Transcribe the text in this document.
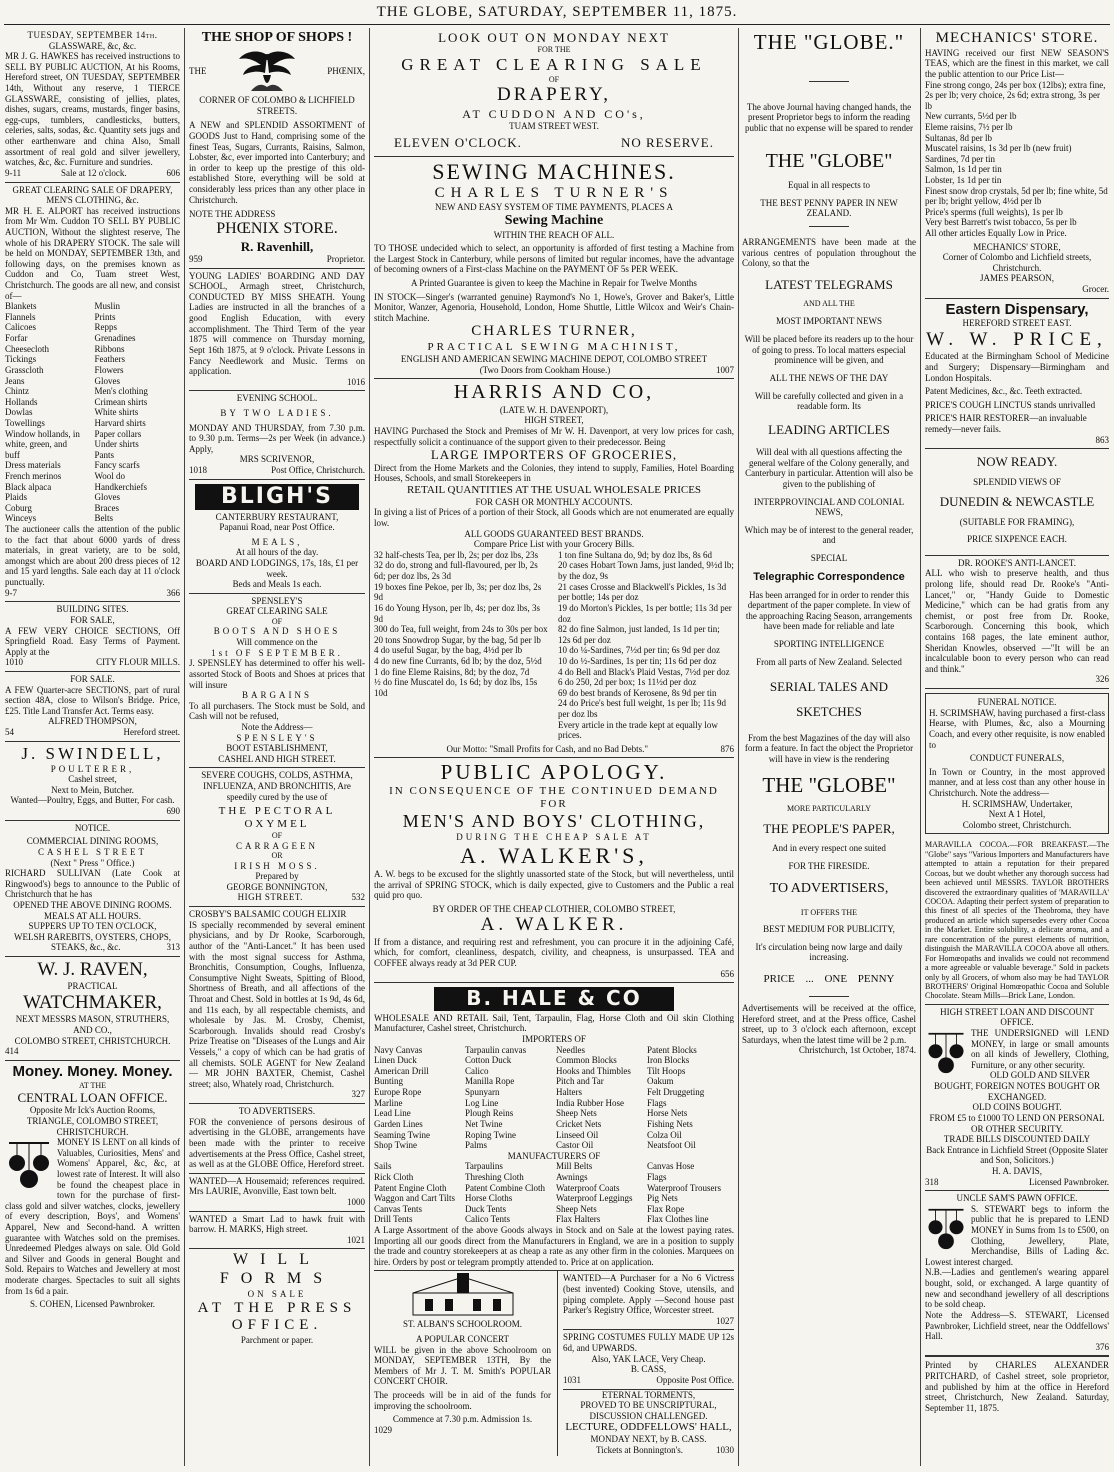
THE GLOBE, SATURDAY, SEPTEMBER 11, 1875.
TUESDAY, SEPTEMBER 14th.
GLASSWARE, &c, &c.
MR J. G. HAWKES has received instructions to SELL BY PUBLIC AUCTION, At his Rooms, Hereford street, ON TUESDAY, SEPTEMBER 14th, Without any reserve, 1 TIERCE GLASSWARE, consisting of jellies, plates, dishes, sugars, creams, mustards, finger basins, egg-cups, tumblers, candlesticks, butters, celeries, salts, sodas, &c. Quantity sets jugs and other earthenware and china Also, Small assortment of real gold and silver jewellery, watches, &c, &c. Furniture and sundries.
9-11	Sale at 12 o'clock.	606
GREAT CLEARING SALE OF DRAPERY, MEN'S CLOTHING, &c.
MR H. E. ALPORT has received instructions from Mr Wm. Cuddon TO SELL BY PUBLIC AUCTION, Without the slightest reserve, The whole of his DRAPERY STOCK. The sale will be held on MONDAY, SEPTEMBER 13th, and following days, on the premises known as Cuddon and Co, Tuam street West, Christchurch. The goods are all new, and consist of—
Blankets	Muslin
Flannels	Prints
Calicoes	Repps
Forfar	Grenadines
Cheesecloth	Ribbons
Tickings	Feathers
Grasscloth	Flowers
Jeans	Gloves
Chintz	Men's clothing
Hollands	Crimean shirts
Dowlas	White shirts
Towellings	Harvard shirts
Window hollands, in	Paper collars
white, green, and	Under shirts
buff	Pants
Dress materials	Fancy scarfs
French merinos	Wool do
Black alpaca	Handkerchiefs
Plaids	Gloves
Coburg	Braces
Winceys	Belts
The auctioneer calls the attention of the public to the fact that about 6000 yards of dress materials, in great variety, are to be sold, amongst which are about 200 dress pieces of 12 and 15 yard lengths. Sale each day at 11 o'clock punctually.
9-7	366
BUILDING SITES.
FOR SALE,
A FEW VERY CHOICE SECTIONS, Off Springfield Road. Easy Terms of Payment. Apply at the
1010	CITY FLOUR MILLS.
FOR SALE.
A FEW Quarter-acre SECTIONS, part of rural section 48A, close to Wilson's Bridge. Price, £25. Title Land Transfer Act. Terms easy.
ALFRED THOMPSON,
54	Hereford street.
J. SWINDELL,
POULTERER,
Cashel street,
Next to Mein, Butcher.
Wanted—Poultry, Eggs, and Butter, For cash.
690
NOTICE.
COMMERCIAL DINING ROOMS,
CASHEL STREET
(Next " Press " Office.)
RICHARD SULLIVAN (Late Cook at Ringwood's) begs to announce to the Public of Christchurch that he has
OPENED THE ABOVE DINING ROOMS.
MEALS AT ALL HOURS.
SUPPERS UP TO TEN O'CLOCK,
WELSH RAREBITS, OYSTERS, CHOPS,
STEAKS, &c., &c.	313
W. J. RAVEN,
PRACTICAL
WATCHMAKER,
NEXT MESSRS MASON, STRUTHERS,
AND CO.,
COLOMBO STREET, CHRISTCHURCH.
414
Money. Money. Money.
AT THE
CENTRAL LOAN OFFICE.
Opposite Mr Ick's Auction Rooms,
TRIANGLE, COLOMBO STREET,
CHRISTCHURCH.
MONEY IS LENT on all kinds of Valuables, Curiosities, Mens' and Womens' Apparel, &c, &c, at lowest rate of Interest. It will also be found the cheapest place in town for the purchase of first-class gold and silver watches, clocks, jewellery of every description, Boys', and Womens' Apparel, New and Second-hand. A written guarantee with Watches sold on the premises. Unredeemed Pledges always on sale. Old Gold and Silver and Goods in general Bought and Sold. Repairs to Watches and Jewellery at most moderate charges. Spectacles to suit all sights from 1s 6d a pair.
S. COHEN, Licensed Pawnbroker.
THE SHOP OF SHOPS !
THE	PHŒNIX,
CORNER OF COLOMBO & LICHFIELD STREETS.
A NEW and SPLENDID ASSORTMENT of GOODS Just to Hand, comprising some of the finest Teas, Sugars, Currants, Raisins, Salmon, Lobster, &c, ever imported into Canterbury; and in order to keep up the prestige of this old-established Store, everything will be sold at considerably less prices than any other place in Christchurch.
NOTE THE ADDRESS
PHŒNIX STORE.
R. Ravenhill,
959	Proprietor.
YOUNG LADIES' BOARDING AND DAY SCHOOL, Armagh street, Christchurch, CONDUCTED BY MISS SHEATH. Young Ladies are instructed in all the branches of a good English Education, with every accomplishment. The Third Term of the year 1875 will commence on Thursday morning, Sept 16th 1875, at 9 o'clock. Private Lessons in Fancy Needlework and Music. Terms on application.
1016
EVENING SCHOOL.
BY TWO LADIES.
MONDAY AND THURSDAY, from 7.30 p.m. to 9.30 p.m. Terms—2s per Week (in advance.) Apply,
MRS SCRIVENOR,
1018	Post Office, Christchurch.
BLIGH'S
CANTERBURY RESTAURANT,
Papanui Road, near Post Office.
MEALS,
At all hours of the day.
BOARD AND LODGINGS, 17s, 18s, £1 per week.
Beds and Meals 1s each.
SPENSLEY'S
GREAT CLEARING SALE
OF
BOOTS AND SHOES
Will commence on the
1st OF SEPTEMBER.
J. SPENSLEY has determined to offer his well-assorted Stock of Boots and Shoes at prices that will insure
BARGAINS
To all purchasers. The Stock must be Sold, and Cash will not be refused,
Note the Address—
SPENSLEY'S
BOOT ESTABLISHMENT,
CASHEL AND HIGH STREET.
SEVERE COUGHS, COLDS, ASTHMA, INFLUENZA, AND BRONCHITIS, Are speedily cured by the use of
THE PECTORAL OXYMEL
OF
CARRAGEEN
OR
IRISH MOSS.
Prepared by
GEORGE BONNINGTON,
HIGH STREET.	532
CROSBY'S BALSAMIC COUGH ELIXIR
IS specially recommended by several eminent physicians, and by Dr Rooke, Scarborough, author of the "Anti-Lancet." It has been used with the most signal success for Asthma, Bronchitis, Consumption, Coughs, Influenza, Consumptive Night Sweats, Spitting of Blood, Shortness of Breath, and all affections of the Throat and Chest. Sold in bottles at 1s 9d, 4s 6d, and 11s each, by all respectable chemists, and wholesale by Jas. M. Crosby, Chemist, Scarborough. Invalids should read Crosby's Prize Treatise on "Diseases of the Lungs and Air Vessels," a copy of which can be had gratis of all chemists. SOLE AGENT for New Zealand — MR JOHN BAXTER, Chemist, Cashel street; also, Whately road, Christchurch.
327
TO ADVERTISERS.
FOR the convenience of persons desirous of advertising in the GLOBE, arrangements have been made with the printer to receive advertisements at the Press Office, Cashel street, as well as at the GLOBE Office, Hereford street.
WANTED—A Housemaid; references required. Mrs LAURIE, Avonville, East town belt.
1000
WANTED a Smart Lad to hawk fruit with barrow. H. MARKS, High street.
1021
WILL FORMS
ON SALE
AT THE PRESS OFFICE.
Parchment or paper.
LOOK OUT ON MONDAY NEXT
FOR THE
GREAT CLEARING SALE
OF
DRAPERY,
AT CUDDON AND CO's,
TUAM STREET WEST.
ELEVEN O'CLOCK.	NO RESERVE.
SEWING MACHINES.
CHARLES TURNER'S
NEW AND EASY SYSTEM OF TIME PAYMENTS, PLACES A
Sewing Machine
WITHIN THE REACH OF ALL.
TO THOSE undecided which to select, an opportunity is afforded of first testing a Machine from the Largest Stock in Canterbury, while persons of limited but regular incomes, have the advantage of becoming owners of a First-class Machine on the PAYMENT OF 5s PER WEEK.
A Printed Guarantee is given to keep the Machine in Repair for Twelve Months
IN STOCK—Singer's (warranted genuine) Raymond's No 1, Howe's, Grover and Baker's, Little Monitor, Wanzer, Agenoria, Household, London, Home Shuttle, Little Wilcox and Weir's Chain-stitch Machine.
CHARLES TURNER,
PRACTICAL SEWING MACHINIST,
ENGLISH AND AMERICAN SEWING MACHINE DEPOT, COLOMBO STREET
(Two Doors from Cookham House.)	1007
HARRIS AND CO,
(LATE W. H. DAVENPORT),
HIGH STREET,
HAVING Purchased the Stock and Premises of Mr W. H. Davenport, at very low prices for cash, respectfully solicit a continuance of the support given to their predecessor. Being
LARGE IMPORTERS OF GROCERIES,
Direct from the Home Markets and the Colonies, they intend to supply, Families, Hotel Boarding Houses, Schools, and small Storekeepers in
RETAIL QUANTITIES AT THE USUAL WHOLESALE PRICES
FOR CASH OR MONTHLY ACCOUNTS.
In giving a list of Prices of a portion of their Stock, all Goods which are not enumerated are equally low.
ALL GOODS GUARANTEED BEST BRANDS.
Compare Price List with your Grocery Bills.
32 half-chests Tea, per lb, 2s; per doz lbs, 23s
32 do do, strong and full-flavoured, per lb, 2s 6d; per doz lbs, 2s 3d
19 boxes fine Pekoe, per lb, 3s; per doz lbs, 2s 9d
16 do Young Hyson, per lb, 4s; per doz lbs, 3s 9d
300 do Tea, full weight, from 24s to 30s per box
20 tons Snowdrop Sugar, by the bag, 5d per lb
4 do useful Sugar, by the bag, 4½d per lb
4 do new fine Currants, 6d lb; by the doz, 5½d
1 do fine Eleme Raisins, 8d; by the doz, 7d
½ do fine Muscatel do, 1s 6d; by doz lbs, 15s 10d
1 ton fine Sultana do, 9d; by doz lbs, 8s 6d
20 cases Hobart Town Jams, just landed, 9½d lb; by the doz, 9s
21 cases Crosse and Blackwell's Pickles, 1s 3d per bottle; 14s per doz
19 do Morton's Pickles, 1s per bottle; 11s 3d per doz
82 do fine Salmon, just landed, 1s 1d per tin; 12s 6d per doz
10 do ¼-Sardines, 7½d per tin; 6s 9d per doz
10 do ½-Sardines, 1s per tin; 11s 6d per doz
4 do Bell and Black's Plaid Vestas, 7½d per doz
6 do 250, 2d per box; 1s 11½d per doz
69 do best brands of Kerosene, 8s 9d per tin
24 do Price's best full weight, 1s per lb; 11s 9d per doz lbs
Every article in the trade kept at equally low prices.
Our Motto: "Small Profits for Cash, and no Bad Debts."	876
PUBLIC APOLOGY.
IN CONSEQUENCE OF THE CONTINUED DEMAND FOR
MEN'S AND BOYS' CLOTHING,
DURING THE CHEAP SALE AT
A. WALKER'S,
A. W. begs to be excused for the slightly unassorted state of the Stock, but will nevertheless, until the arrival of SPRING STOCK, which is daily expected, give to Customers and the Public a real quid pro quo.
BY ORDER OF THE CHEAP CLOTHIER, COLOMBO STREET,
A. WALKER.
If from a distance, and requiring rest and refreshment, you can procure it in the adjoining Café, which, for comfort, cleanliness, despatch, civility, and cheapness, is unsurpassed. TEA and COFFEE always ready at 3d PER CUP.
656
B. HALE & CO
WHOLESALE AND RETAIL Sail, Tent, Tarpaulin, Flag, Horse Cloth and Oil skin Clothing Manufacturer, Cashel street, Christchurch.
IMPORTERS OF
Navy Canvas	Tarpaulin canvas	Needles	Patent Blocks
Linen Duck	Cotton Duck	Common Blocks	Iron Blocks
American Drill	Calico	Hooks and Thimbles	Tilt Hoops
Bunting	Manilla Rope	Pitch and Tar	Oakum
Europe Rope	Spunyarn	Halters	Felt Druggeting
Marline	Log Line	India Rubber Hose	Flags
Lead Line	Plough Reins	Sheep Nets	Horse Nets
Garden Lines	Net Twine	Cricket Nets	Fishing Nets
Seaming Twine	Roping Twine	Linseed Oil	Colza Oil
Shop Twine	Palms	Castor Oil	Neatsfoot Oil
MANUFACTURERS OF
Sails	Tarpaulins	Mill Belts	Canvas Hose
Rick Cloth	Threshing Cloth	Awnings	Flags
Patent Engine Cloth	Patent Combine Cloth	Waterproof Coats	Waterproof Trousers
Waggon and Cart Tilts	Horse Cloths	Waterproof Leggings	Pig Nets
Canvas Tents	Duck Tents	Sheep Nets	Flax Rope
Drill Tents	Calico Tents	Flax Halters	Flax Clothes line
A Large Assortment of the above Goods always in Stock and on Sale at the lowest paying rates. Importing all our goods direct from the Manufacturers in England, we are in a position to supply the trade and country storekeepers at as cheap a rate as any other firm in the colonies. Marquees on hire. Orders by post or telegram promptly attended to. Price at on application.
ST. ALBAN'S SCHOOLROOM.
A POPULAR CONCERT
WILL be given in the above Schoolroom on MONDAY, SEPTEMBER 13TH, By the Members of Mr J. T. M. Smith's POPULAR CONCERT CHOIR.
The proceeds will be in aid of the funds for improving the schoolroom.
Commence at 7.30 p.m. Admission 1s.
1029
WANTED—A Purchaser for a No 6 Victress (best invented) Cooking Stove, utensils, and piping complete. Apply —Second house past Parker's Registry Office, Worcester street.
1027
SPRING COSTUMES FULLY MADE UP 12s 6d, and UPWARDS.
Also, YAK LACE, Very Cheap.
B. CASS,
1031	Opposite Post Office.
ETERNAL TORMENTS,
PROVED TO BE UNSCRIPTURAL,
DISCUSSION CHALLENGED.
LECTURE, ODDFELLOWS' HALL,
MONDAY NEXT, by B. CASS.
Tickets at Bonnington's.	1030
THE "GLOBE."
The above Journal having changed hands, the present Proprietor begs to inform the reading public that no expense will be spared to render
THE "GLOBE"
Equal in all respects to
THE BEST PENNY PAPER IN NEW ZEALAND.
ARRANGEMENTS have been made at the various centres of population throughout the Colony, so that the
LATEST TELEGRAMS
AND ALL THE
MOST IMPORTANT NEWS
Will be placed before its readers up to the hour of going to press. To local matters especial prominence will be given, and
ALL THE NEWS OF THE DAY
Will be carefully collected and given in a readable form. Its
LEADING ARTICLES
Will deal with all questions affecting the general welfare of the Colony generally, and Canterbury in particular. Attention will also be given to the publishing of
INTERPROVINCIAL AND COLONIAL NEWS,
Which may be of interest to the general reader, and
SPECIAL
Telegraphic Correspondence
Has been arranged for in order to render this department of the paper complete. In view of the approaching Racing Season, arrangements have been made for reliable and late
SPORTING INTELLIGENCE
From all parts of New Zealand. Selected
SERIAL TALES AND SKETCHES
From the best Magazines of the day will also form a feature. In fact the object the Proprietor will have in view is the rendering
THE "GLOBE"
MORE PARTICULARLY
THE PEOPLE'S PAPER,
And in every respect one suited
FOR THE FIRESIDE.
TO ADVERTISERS,
IT OFFERS THE
BEST MEDIUM FOR PUBLICITY,
It's circulation being now large and daily increasing.
PRICE ... ONE PENNY
Advertisements will be received at the office, Hereford street, and at the Press office, Cashel street, up to 3 o'clock each afternoon, except Saturdays, when the latest time will be 2 p.m.
Christchurch, 1st October, 1874.
MECHANICS' STORE.
HAVING received our first NEW SEASON'S TEAS, which are the finest in this market, we call the public attention to our Price List—
Fine strong congo, 24s per box (12lbs); extra fine, 2s per lb; very choice, 2s 6d; extra strong, 3s per lb
New currants, 5½d per lb
Eleme raisins, 7½ per lb
Sultanas, 8d per lb
Muscatel raisins, 1s 3d per lb (new fruit)
Sardines, 7d per tin
Salmon, 1s 1d per tin
Lobster, 1s 1d per tin
Finest snow drop crystals, 5d per lb; fine white, 5d per lb; bright yellow, 4½d per lb
Price's sperms (full weights), 1s per lb
Very best Barrett's twist tobacco, 5s per lb
All other articles Equally Low in Price.
MECHANICS' STORE,
Corner of Colombo and Lichfield streets, Christchurch.
JAMES PEARSON,
Grocer.
Eastern Dispensary,
HEREFORD STREET EAST.
W. W. PRICE,
Educated at the Birmingham School of Medicine and Surgery; Dispensary—Birmingham and London Hospitals.
Patent Medicines, &c., &c. Teeth extracted.
PRICE'S COUGH LINCTUS stands unrivalled
PRICE'S HAIR RESTORER—an invaluable remedy—never fails.
863
NOW READY.
SPLENDID VIEWS OF
DUNEDIN & NEWCASTLE
(SUITABLE FOR FRAMING),
PRICE SIXPENCE EACH.
DR. ROOKE'S ANTI-LANCET.
ALL who wish to preserve health, and thus prolong life, should read Dr. Rooke's "Anti-Lancet," or, "Handy Guide to Domestic Medicine," which can be had gratis from any chemist, or post free from Dr. Rooke, Scarborough. Concerning this book, which contains 168 pages, the late eminent author, Sheridan Knowles, observed —"It will be an incalculable boon to every person who can read and think."
326
FUNERAL NOTICE.
H. SCRIMSHAW, having purchased a first-class Hearse, with Plumes, &c, also a Mourning Coach, and every other requisite, is now enabled to
CONDUCT FUNERALS,
In Town or Country, in the most approved manner, and at less cost than any other house in Christchurch. Note the address—
H. SCRIMSHAW, Undertaker,
Next A 1 Hotel,
Colombo street, Christchurch.
MARAVILLA COCOA.—FOR BREAKFAST.—The "Globe" says "Various Importers and Manufacturers have attempted to attain a reputation for their prepared Cocoas, but we doubt whether any thorough success had been achieved until MESSRS. TAYLOR BROTHERS discovered the extraordinary qualities of 'MARAVILLA' COCOA. Adapting their perfect system of preparation to this finest of all species of the Theobroma, they have produced an article which supersedes every other Cocoa in the Market. Entire solubility, a delicate aroma, and a rare concentration of the purest elements of nutrition, distinguish the MARAVILLA COCOA above all others. For Homœopaths and invalids we could not recommend a more agreeable or valuable beverage." Sold in packets only by all Grocers, of whom also may be had TAYLOR BROTHERS' Original Homœopathic Cocoa and Soluble Chocolate. Steam Mills—Brick Lane, London.
HIGH STREET LOAN AND DISCOUNT OFFICE.
THE UNDERSIGNED will LEND MONEY, in large or small amounts on all kinds of Jewellery, Clothing, Furniture, or any other security.
OLD GOLD AND SILVER BOUGHT, FOREIGN NOTES BOUGHT OR EXCHANGED.
OLD COINS BOUGHT.
FROM £5 to £1000 TO LEND ON PERSONAL OR OTHER SECURITY.
TRADE BILLS DISCOUNTED DAILY
Back Entrance in Lichfield Street (Opposite Slater and Son, Solicitors.)
H. A. DAVIS,
318	Licensed Pawnbroker.
UNCLE SAM'S PAWN OFFICE.
S. STEWART begs to inform the public that he is prepared to LEND MONEY in Sums from 1s to £500, on Clothing, Jewellery, Plate, Merchandise, Bills of Lading &c. Lowest interest charged.
N.B.—Ladies and gentlemen's wearing apparel bought, sold, or exchanged. A large quantity of new and secondhand jewellery of all descriptions to be sold cheap.
Note the Address—S. STEWART, Licensed Pawnbroker, Lichfield street, near the Oddfellows' Hall.
376
Printed by CHARLES ALEXANDER PRITCHARD, of Cashel street, sole proprietor, and published by him at the office in Hereford street, Christchurch, New Zealand. Saturday, September 11, 1875.
